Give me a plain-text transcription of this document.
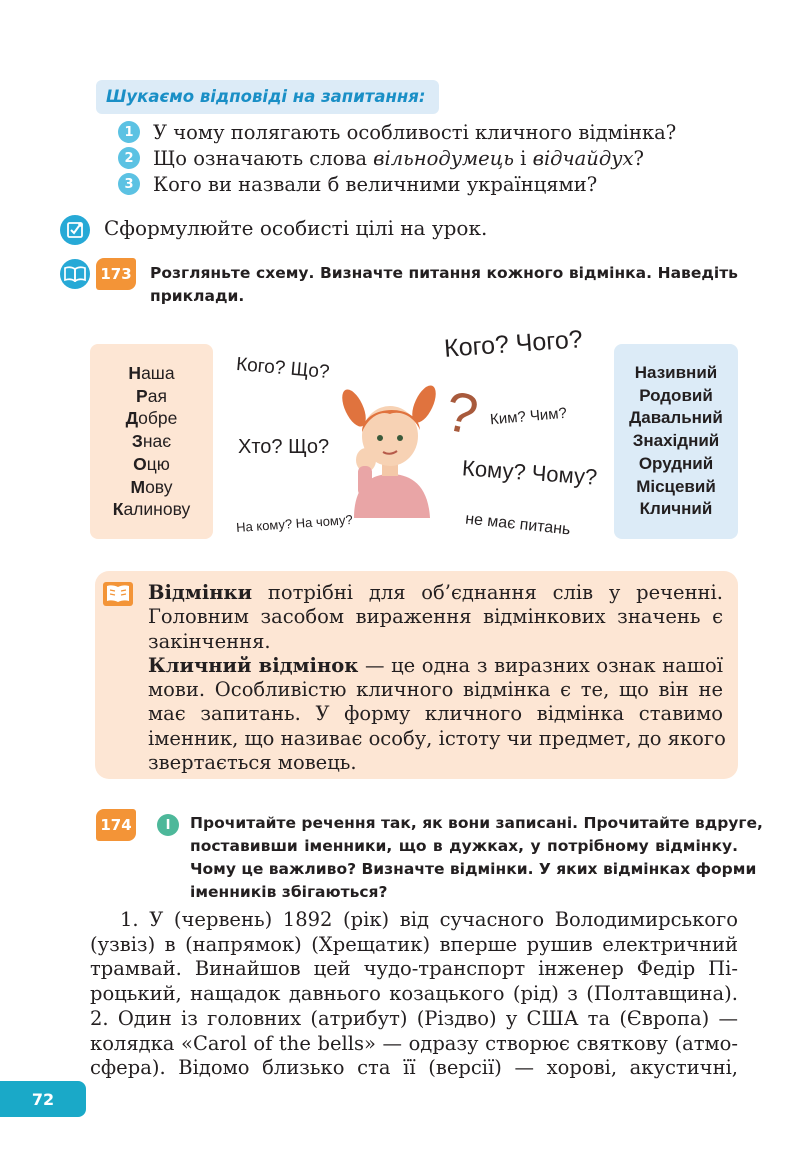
Шукаємо відповіді на запитання:
1 У чому полягають особливості кличного відмінка?
2 Що означають слова вільнодумець і відчайдух?
3 Кого ви назвали б величними українцями?
Сформулюйте особисті цілі на урок.
173 Розгляньте схему. Визначте питання кожного відмінка. Наведіть
приклади.
Наша
Рая
Добре
Знає
Оцю
Мову
Калинову
Називний
Родовий
Давальний
Знахідний
Орудний
Місцевий
Кличний
Кого? Чого?
Кого? Що?
Хто? Що?
Ким? Чим?
Кому? Чому?
На кому? На чому?	не має питань
?
Відмінки потрібні для об’єднання слів у реченні.
Головним засобом вираження відмінкових значень є
закінчення.
Кличний відмінок — це одна з виразних ознак нашої
мови. Особливістю кличного відмінка є те, що він не
має запитань. У форму кличного відмінка ставимо
іменник, що називає особу, істоту чи предмет, до якого
звертається мовець.
174	І	Прочитайте речення так, як вони записані. Прочитайте вдруге,
поставивши іменники, що в дужках, у потрібному відмінку.
Чому це важливо? Визначте відмінки. У яких відмінках форми
іменників збігаються?
1. У (червень) 1892 (рік) від сучасного Володимирського
(узвіз) в (напрямок) (Хрещатик) вперше рушив електричний
трамвай. Винайшов цей чудо-транспорт інженер Федір Пі-
роцький, нащадок давнього козацького (рід) з (Полтавщина).
2. Один із головних (атрибут) (Різдво) у США та (Європа) —
колядка «Carol of the bells» — одразу створює святкову (атмо-
сфера). Відомо близько ста її (версії) — хорові, акустичні,
72
